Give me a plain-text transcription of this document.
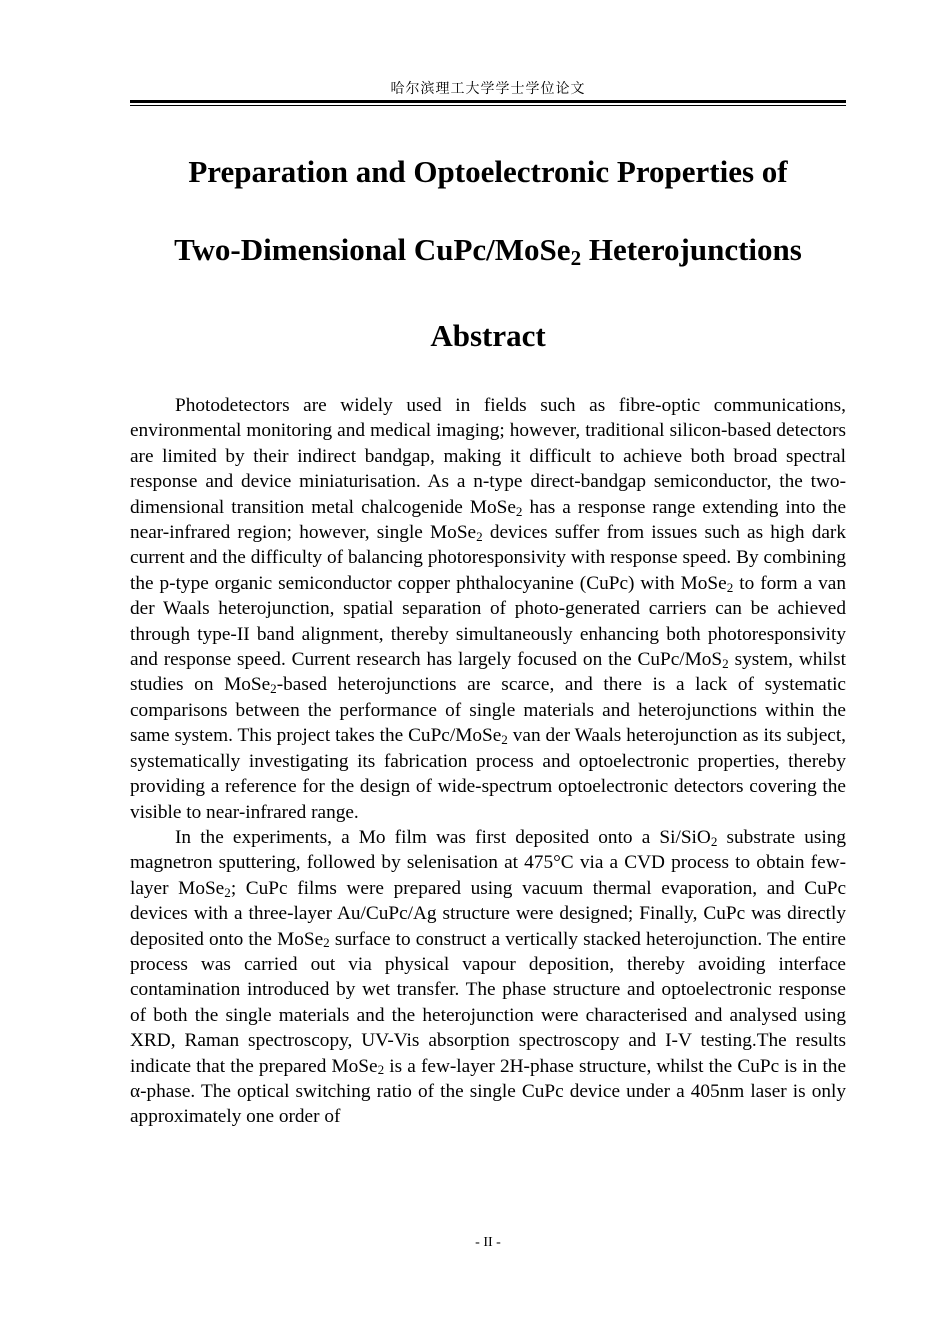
哈尔滨理工大学学士学位论文
Preparation and Optoelectronic Properties of
Two-Dimensional CuPc/MoSe$_2$ Heterojunctions
Abstract

Photodetectors are widely used in fields such as fibre-optic communications, environmental monitoring and medical imaging; however, traditional silicon-based detectors are limited by their indirect bandgap, making it difficult to achieve both broad spectral response and device miniaturisation. As a n-type direct-bandgap semiconductor, the two-dimensional transition metal chalcogenide MoSe$_2$ has a response range extending into the near-infrared region; however, single MoSe$_2$ devices suffer from issues such as high dark current and the difficulty of balancing photoresponsivity with response speed. By combining the p-type organic semiconductor copper phthalocyanine (CuPc) with MoSe$_2$ to form a van der Waals heterojunction, spatial separation of photo-generated carriers can be achieved through type-II band alignment, thereby simultaneously enhancing both photoresponsivity and response speed. Current research has largely focused on the CuPc/MoS$_2$ system, whilst studies on MoSe$_2$-based heterojunctions are scarce, and there is a lack of systematic comparisons between the performance of single materials and heterojunctions within the same system. This project takes the CuPc/MoSe$_2$ van der Waals heterojunction as its subject, systematically investigating its fabrication process and optoelectronic properties, thereby providing a reference for the design of wide-spectrum optoelectronic detectors covering the visible to near-infrared range.

In the experiments, a Mo film was first deposited onto a Si/SiO$_2$ substrate using magnetron sputtering, followed by selenisation at 475°C via a CVD process to obtain few-layer MoSe$_2$; CuPc films were prepared using vacuum thermal evaporation, and CuPc devices with a three-layer Au/CuPc/Ag structure were designed; Finally, CuPc was directly deposited onto the MoSe$_2$ surface to construct a vertically stacked heterojunction. The entire process was carried out via physical vapour deposition, thereby avoiding interface contamination introduced by wet transfer. The phase structure and optoelectronic response of both the single materials and the heterojunction were characterised and analysed using XRD, Raman spectroscopy, UV-Vis absorption spectroscopy and I-V testing.The results indicate that the prepared MoSe$_2$ is a few-layer 2H-phase structure, whilst the CuPc is in the α-phase. The optical switching ratio of the single CuPc device under a 405nm laser is only approximately one order of

- II -
